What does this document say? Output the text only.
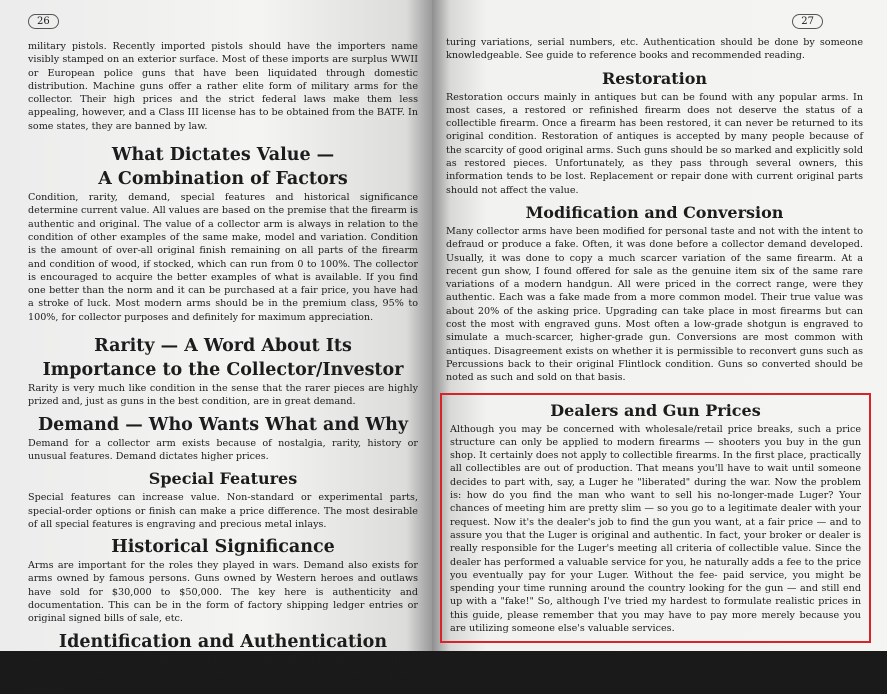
26

military pistols. Recently imported pistols should have the importers name visibly stamped on an exterior surface. Most of these imports are surplus WWII or European police guns that have been liquidated through domestic distribution. Machine guns offer a rather elite form of military arms for the collector. Their high prices and the strict federal laws make them less appealing, however, and a Class III license has to be obtained from the BATF. In some states, they are banned by law.

What Dictates Value —
A Combination of Factors

Condition, rarity, demand, special features and historical significance determine current value. All values are based on the premise that the firearm is authentic and original. The value of a collector arm is always in relation to the condition of other examples of the same make, model and variation. Condition is the amount of over-all original finish remaining on all parts of the firearm and condition of wood, if stocked, which can run from 0 to 100%. The collector is encouraged to acquire the better examples of what is available. If you find one better than the norm and it can be purchased at a fair price, you have had a stroke of luck. Most modern arms should be in the premium class, 95% to 100%, for collector purposes and definitely for maximum appreciation.

Rarity — A Word About Its
Importance to the Collector/Investor

Rarity is very much like condition in the sense that the rarer pieces are highly prized and, just as guns in the best condition, are in great demand.

Demand — Who Wants What and Why

Demand for a collector arm exists because of nostalgia, rarity, history or unusual features. Demand dictates higher prices.

Special Features

Special features can increase value. Non-standard or experimental parts, special-order options or finish can make a price difference. The most desirable of all special features is engraving and precious metal inlays.

Historical Significance

Arms are important for the roles they played in wars. Demand also exists for arms owned by famous persons. Guns owned by Western heroes and outlaws have sold for $30,000 to $50,000. The key here is authenticity and documentation. This can be in the form of factory shipping ledger entries or original signed bills of sale, etc.

Identification and Authentication

Reference books are available on almost any firearm. They offer a wealth of information and can be used to help identify through component parts, manufac-

27

turing variations, serial numbers, etc. Authentication should be done by someone knowledgeable. See guide to reference books and recommended reading.

Restoration

Restoration occurs mainly in antiques but can be found with any popular arms. In most cases, a restored or refinished firearm does not deserve the status of a collectible firearm. Once a firearm has been restored, it can never be returned to its original condition. Restoration of antiques is accepted by many people because of the scarcity of good original arms. Such guns should be so marked and explicitly sold as restored pieces. Unfortunately, as they pass through several owners, this information tends to be lost. Replacement or repair done with current original parts should not affect the value.

Modification and Conversion

Many collector arms have been modified for personal taste and not with the intent to defraud or produce a fake. Often, it was done before a collector demand developed. Usually, it was done to copy a much scarcer variation of the same firearm. At a recent gun show, I found offered for sale as the genuine item six of the same rare variations of a modern handgun. All were priced in the correct range, were they authentic. Each was a fake made from a more common model. Their true value was about 20% of the asking price. Upgrading can take place in most firearms but can cost the most with engraved guns. Most often a low-grade shotgun is engraved to simulate a much-scarcer, higher-grade gun. Conversions are most common with antiques. Disagreement exists on whether it is permissible to reconvert guns such as Percussions back to their original Flintlock condition. Guns so converted should be noted as such and sold on that basis.

Dealers and Gun Prices

Although you may be concerned with wholesale/retail price breaks, such a price structure can only be applied to modern firearms — shooters you buy in the gun shop. It certainly does not apply to collectible firearms. In the first place, practically all collectibles are out of production. That means you'll have to wait until someone decides to part with, say, a Luger he "liberated" during the war. Now the problem is: how do you find the man who want to sell his no-longer-made Luger? Your chances of meeting him are pretty slim — so you go to a legitimate dealer with your request. Now it's the dealer's job to find the gun you want, at a fair price — and to assure you that the Luger is original and authentic. In fact, your broker or dealer is really responsible for the Luger's meeting all criteria of collectible value. Since the dealer has performed a valuable service for you, he naturally adds a fee to the price you eventually pay for your Luger. Without the fee- paid service, you might be spending your time running around the country looking for the gun — and still end up with a "fake!" So, although I've tried my hardest to formulate realistic prices in this guide, please remember that you may have to pay more merely because you are utilizing someone else's valuable services.
